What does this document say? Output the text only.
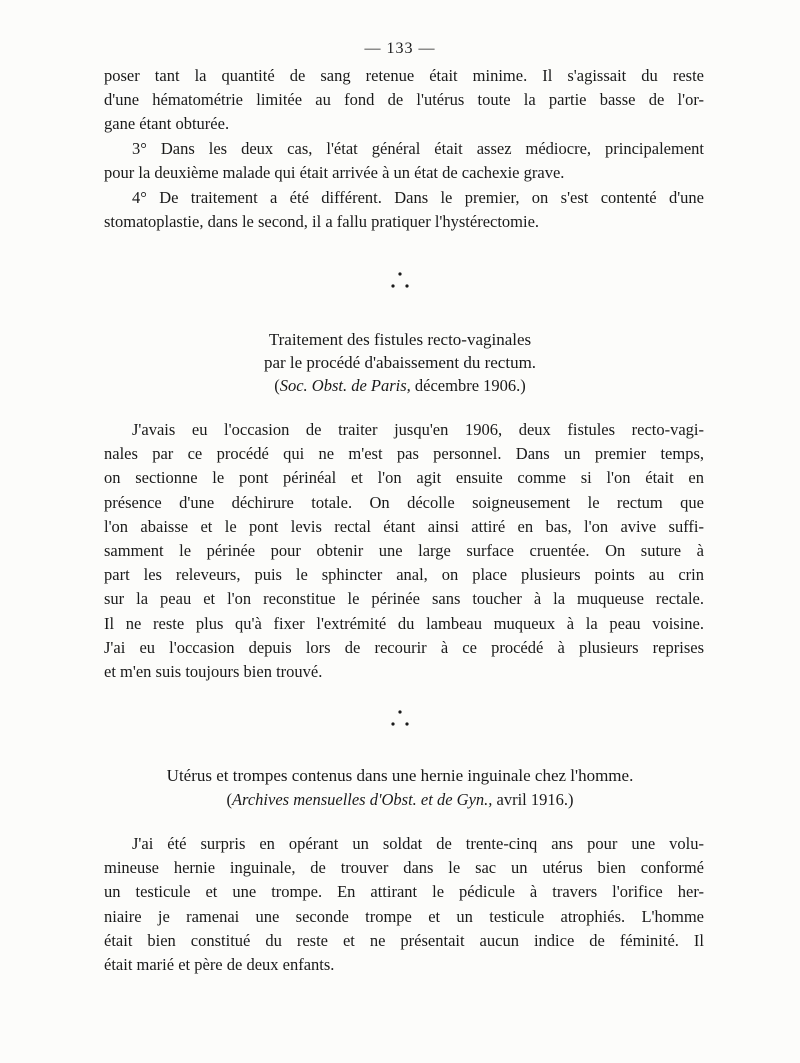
— 133 —
poser tant la quantité de sang retenue était minime. Il s'agissait du reste
d'une hématométrie limitée au fond de l'utérus toute la partie basse de l'or-
gane étant obturée.
3° Dans les deux cas, l'état général était assez médiocre, principalement
pour la deuxième malade qui était arrivée à un état de cachexie grave.
4° De traitement a été différent. Dans le premier, on s'est contenté d'une
stomatoplastie, dans le second, il a fallu pratiquer l'hystérectomie.
Traitement des fistules recto-vaginales
par le procédé d'abaissement du rectum.
(Soc. Obst. de Paris, décembre 1906.)
J'avais eu l'occasion de traiter jusqu'en 1906, deux fistules recto-vagi-
nales par ce procédé qui ne m'est pas personnel. Dans un premier temps,
on sectionne le pont périnéal et l'on agit ensuite comme si l'on était en
présence d'une déchirure totale. On décolle soigneusement le rectum que
l'on abaisse et le pont levis rectal étant ainsi attiré en bas, l'on avive suffi-
samment le périnée pour obtenir une large surface cruentée. On suture à
part les releveurs, puis le sphincter anal, on place plusieurs points au crin
sur la peau et l'on reconstitue le périnée sans toucher à la muqueuse rectale.
Il ne reste plus qu'à fixer l'extrémité du lambeau muqueux à la peau voisine.
J'ai eu l'occasion depuis lors de recourir à ce procédé à plusieurs reprises
et m'en suis toujours bien trouvé.
Utérus et trompes contenus dans une hernie inguinale chez l'homme.
(Archives mensuelles d'Obst. et de Gyn., avril 1916.)
J'ai été surpris en opérant un soldat de trente-cinq ans pour une volu-
mineuse hernie inguinale, de trouver dans le sac un utérus bien conformé
un testicule et une trompe. En attirant le pédicule à travers l'orifice her-
niaire je ramenai une seconde trompe et un testicule atrophiés. L'homme
était bien constitué du reste et ne présentait aucun indice de féminité. Il
était marié et père de deux enfants.
